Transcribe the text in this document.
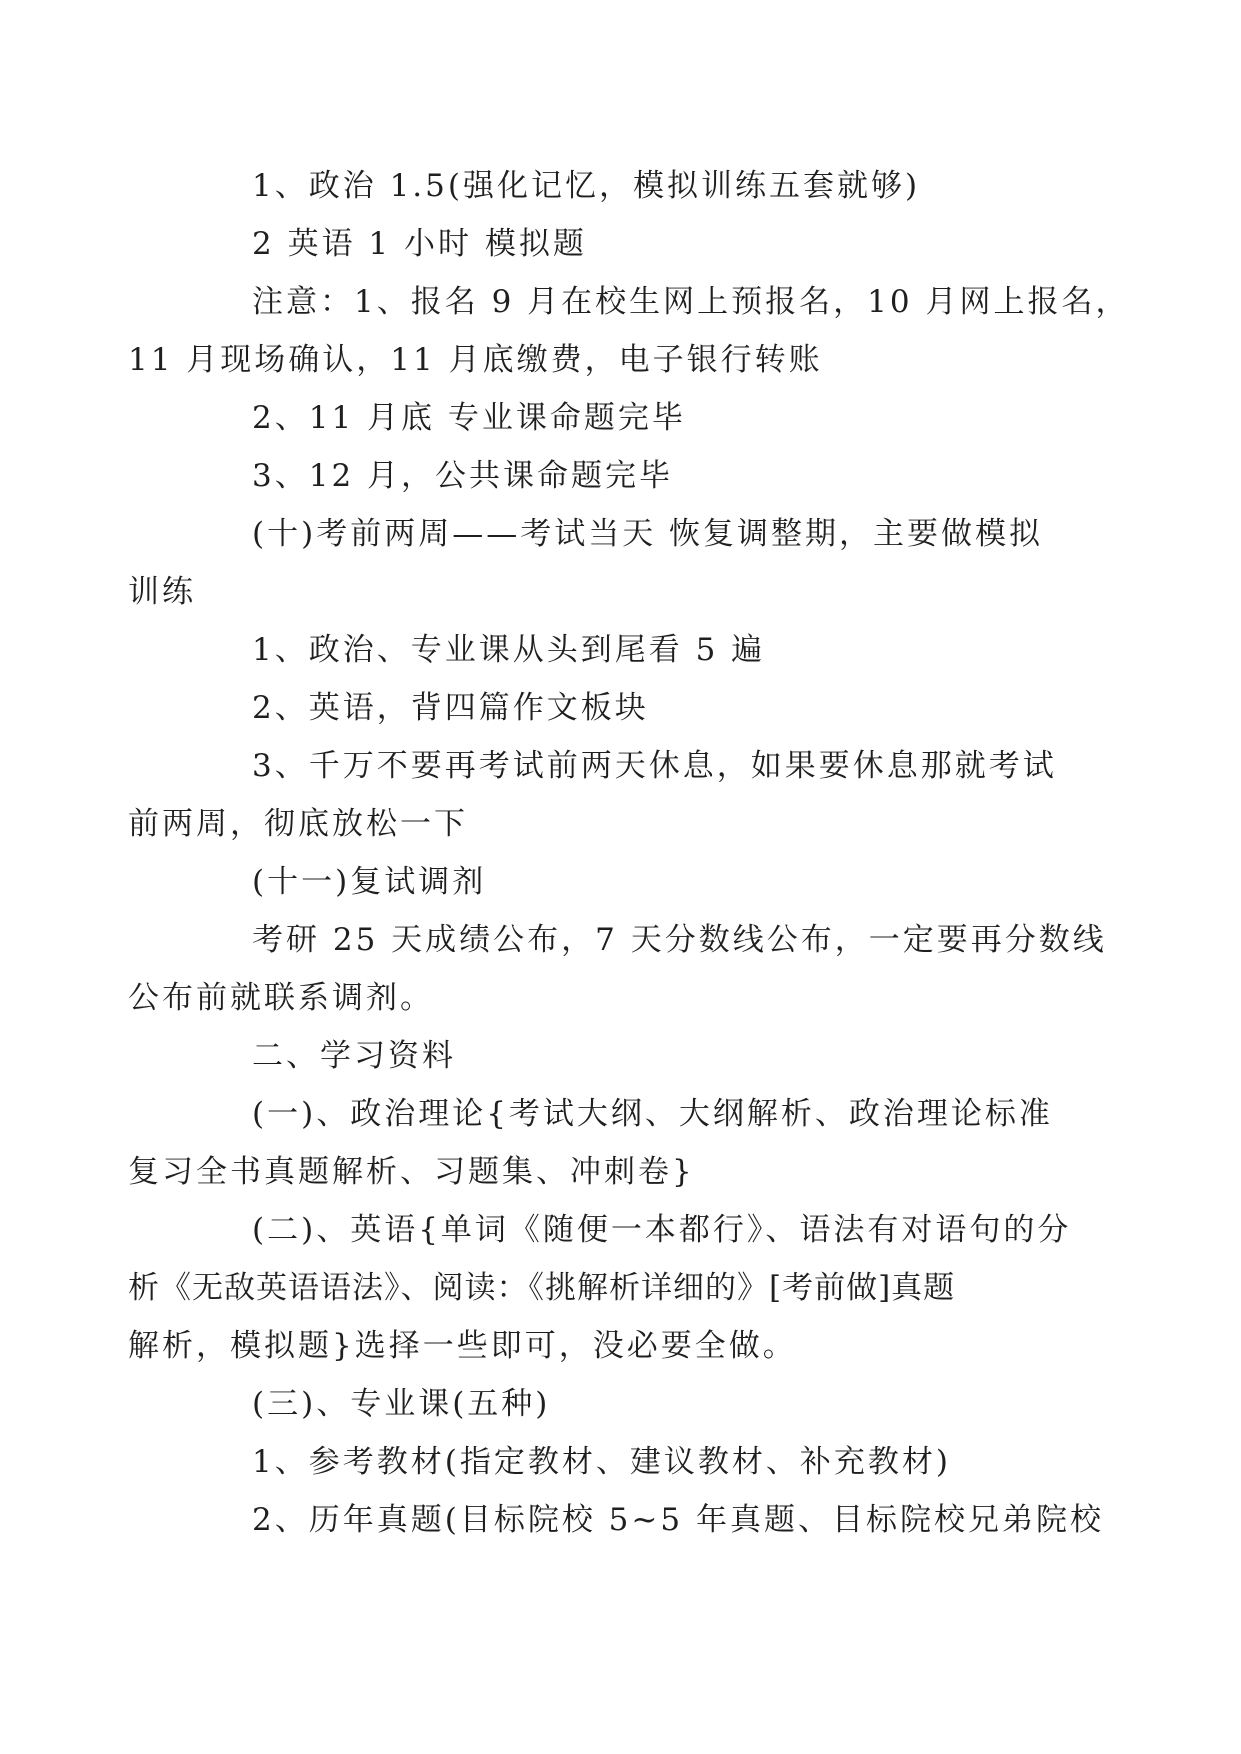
1、政治 1.5(强化记忆，模拟训练五套就够)

2 英语 1 小时 模拟题

注意：1、报名 9 月在校生网上预报名，10 月网上报名，
11 月现场确认，11 月底缴费，电子银行转账

2、11 月底 专业课命题完毕

3、12 月，公共课命题完毕

(十)考前两周——考试当天 恢复调整期，主要做模拟
训练

1、政治、专业课从头到尾看 5 遍

2、英语，背四篇作文板块

3、千万不要再考试前两天休息，如果要休息那就考试
前两周，彻底放松一下

(十一)复试调剂

考研 25 天成绩公布，7 天分数线公布，一定要再分数线
公布前就联系调剂。

二、学习资料

(一)、政治理论{考试大纲、大纲解析、政治理论标准
复习全书真题解析、习题集、冲刺卷}

(二)、英语{单词《随便一本都行》、语法有对语句的分
析《无敌英语语法》、阅读：《挑解析详细的》[考前做]真题
解析，模拟题}选择一些即可，没必要全做。

(三)、专业课(五种)

1、参考教材(指定教材、建议教材、补充教材)

2、历年真题(目标院校 5~5 年真题、目标院校兄弟院校
